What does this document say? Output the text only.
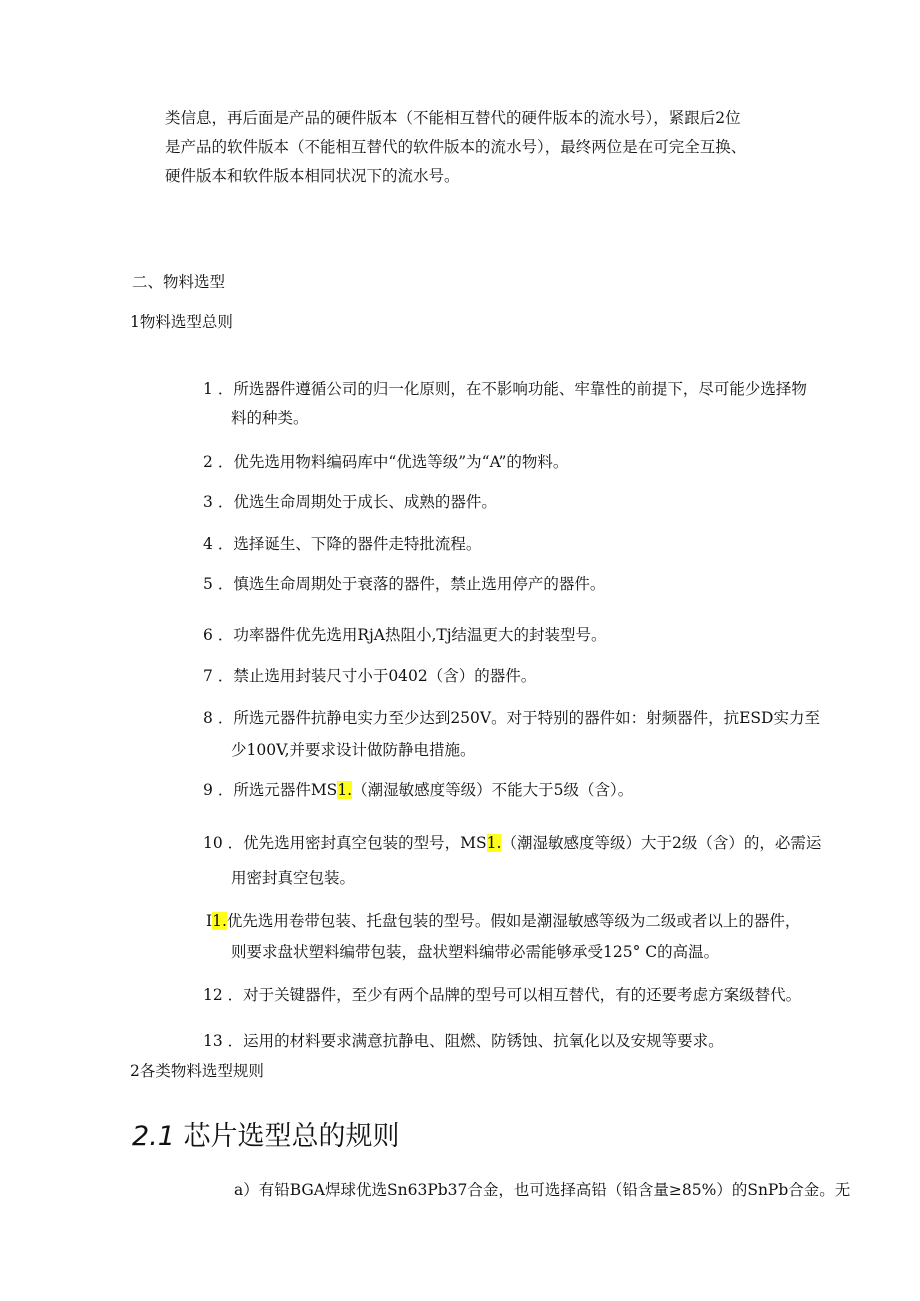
类信息，再后面是产品的硬件版本（不能相互替代的硬件版本的流水号），紧跟后2位
是产品的软件版本（不能相互替代的软件版本的流水号），最终两位是在可完全互换、
硬件版本和软件版本相同状况下的流水号。
二、物料选型
1物料选型总则
1 ．所选器件遵循公司的归一化原则，在不影响功能、牢靠性的前提下，尽可能少选择物
料的种类。
2 ．优先选用物料编码库中“优选等级”为“A”的物料。
3 ．优选生命周期处于成长、成熟的器件。
4 ．选择诞生、下降的器件走特批流程。
5 ．慎选生命周期处于衰落的器件，禁止选用停产的器件。
6 ．功率器件优先选用RjA热阻小,Tj结温更大的封装型号。
7 ．禁止选用封装尺寸小于0402（含）的器件。
8 ．所选元器件抗静电实力至少达到250V。对于特别的器件如：射频器件，抗ESD实力至
少100V,并要求设计做防静电措施。
9 ．所选元器件MS1.（潮湿敏感度等级）不能大于5级（含）。
10 ．优先选用密封真空包装的型号，MS1.（潮湿敏感度等级）大于2级（含）的，必需运
用密封真空包装。
I1.优先选用卷带包装、托盘包装的型号。假如是潮湿敏感等级为二级或者以上的器件，
则要求盘状塑料编带包装，盘状塑料编带必需能够承受125° C的高温。
12 ．对于关键器件，至少有两个品牌的型号可以相互替代，有的还要考虑方案级替代。
13 ．运用的材料要求满意抗静电、阻燃、防锈蚀、抗氧化以及安规等要求。
2各类物料选型规则
2.1 芯片选型总的规则
a）有铅BGA焊球优选Sn63Pb37合金，也可选择高铅（铅含量≥85%）的SnPb合金。无
